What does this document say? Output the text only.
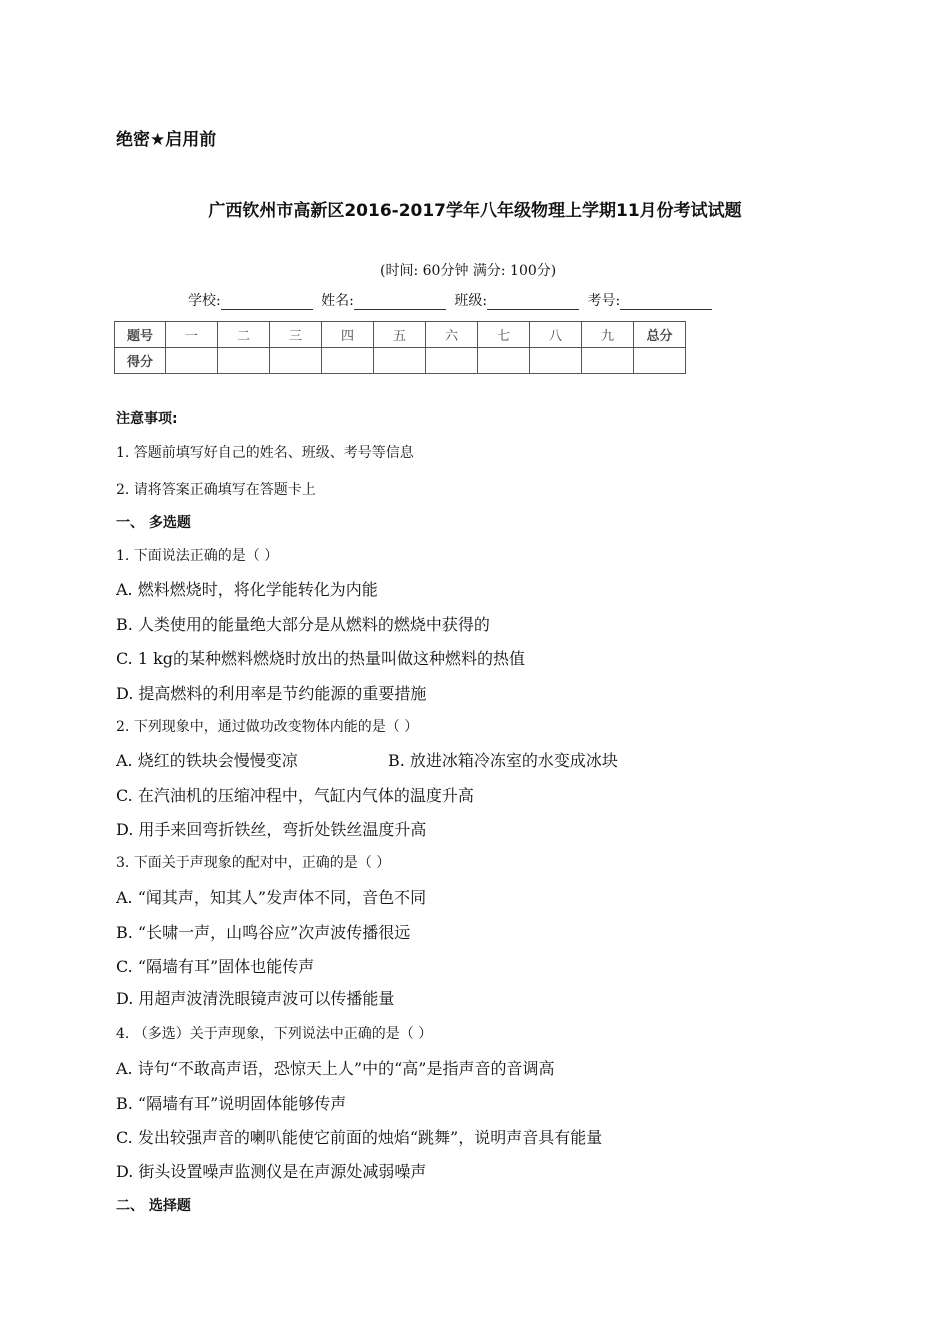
绝密★启用前
广西钦州市高新区2016-2017学年八年级物理上学期11月份考试试题
(时间: 60分钟 满分: 100分)
学校:	姓名:	班级:	考号:
题号	一	二	三	四	五	六	七	八	九	总分
得分										
注意事项:
1. 答题前填写好自己的姓名、班级、考号等信息
2. 请将答案正确填写在答题卡上
一、 多选题
1. 下面说法正确的是（ ）
A. 燃料燃烧时，将化学能转化为内能
B. 人类使用的能量绝大部分是从燃料的燃烧中获得的
C. 1 kg的某种燃料燃烧时放出的热量叫做这种燃料的热值
D. 提高燃料的利用率是节约能源的重要措施
2. 下列现象中，通过做功改变物体内能的是（ ）
A. 烧红的铁块会慢慢变凉	B. 放进冰箱冷冻室的水变成冰块
C. 在汽油机的压缩冲程中，气缸内气体的温度升高
D. 用手来回弯折铁丝，弯折处铁丝温度升高
3. 下面关于声现象的配对中，正确的是（ ）
A. “闻其声，知其人”发声体不同，音色不同
B. “长啸一声，山鸣谷应”次声波传播很远
C. “隔墙有耳”固体也能传声
D. 用超声波清洗眼镜声波可以传播能量
4. （多选）关于声现象，下列说法中正确的是（ ）
A. 诗句“不敢高声语，恐惊天上人”中的“高”是指声音的音调高
B. “隔墙有耳”说明固体能够传声
C. 发出较强声音的喇叭能使它前面的烛焰“跳舞”，说明声音具有能量
D. 街头设置噪声监测仪是在声源处减弱噪声
二、 选择题
